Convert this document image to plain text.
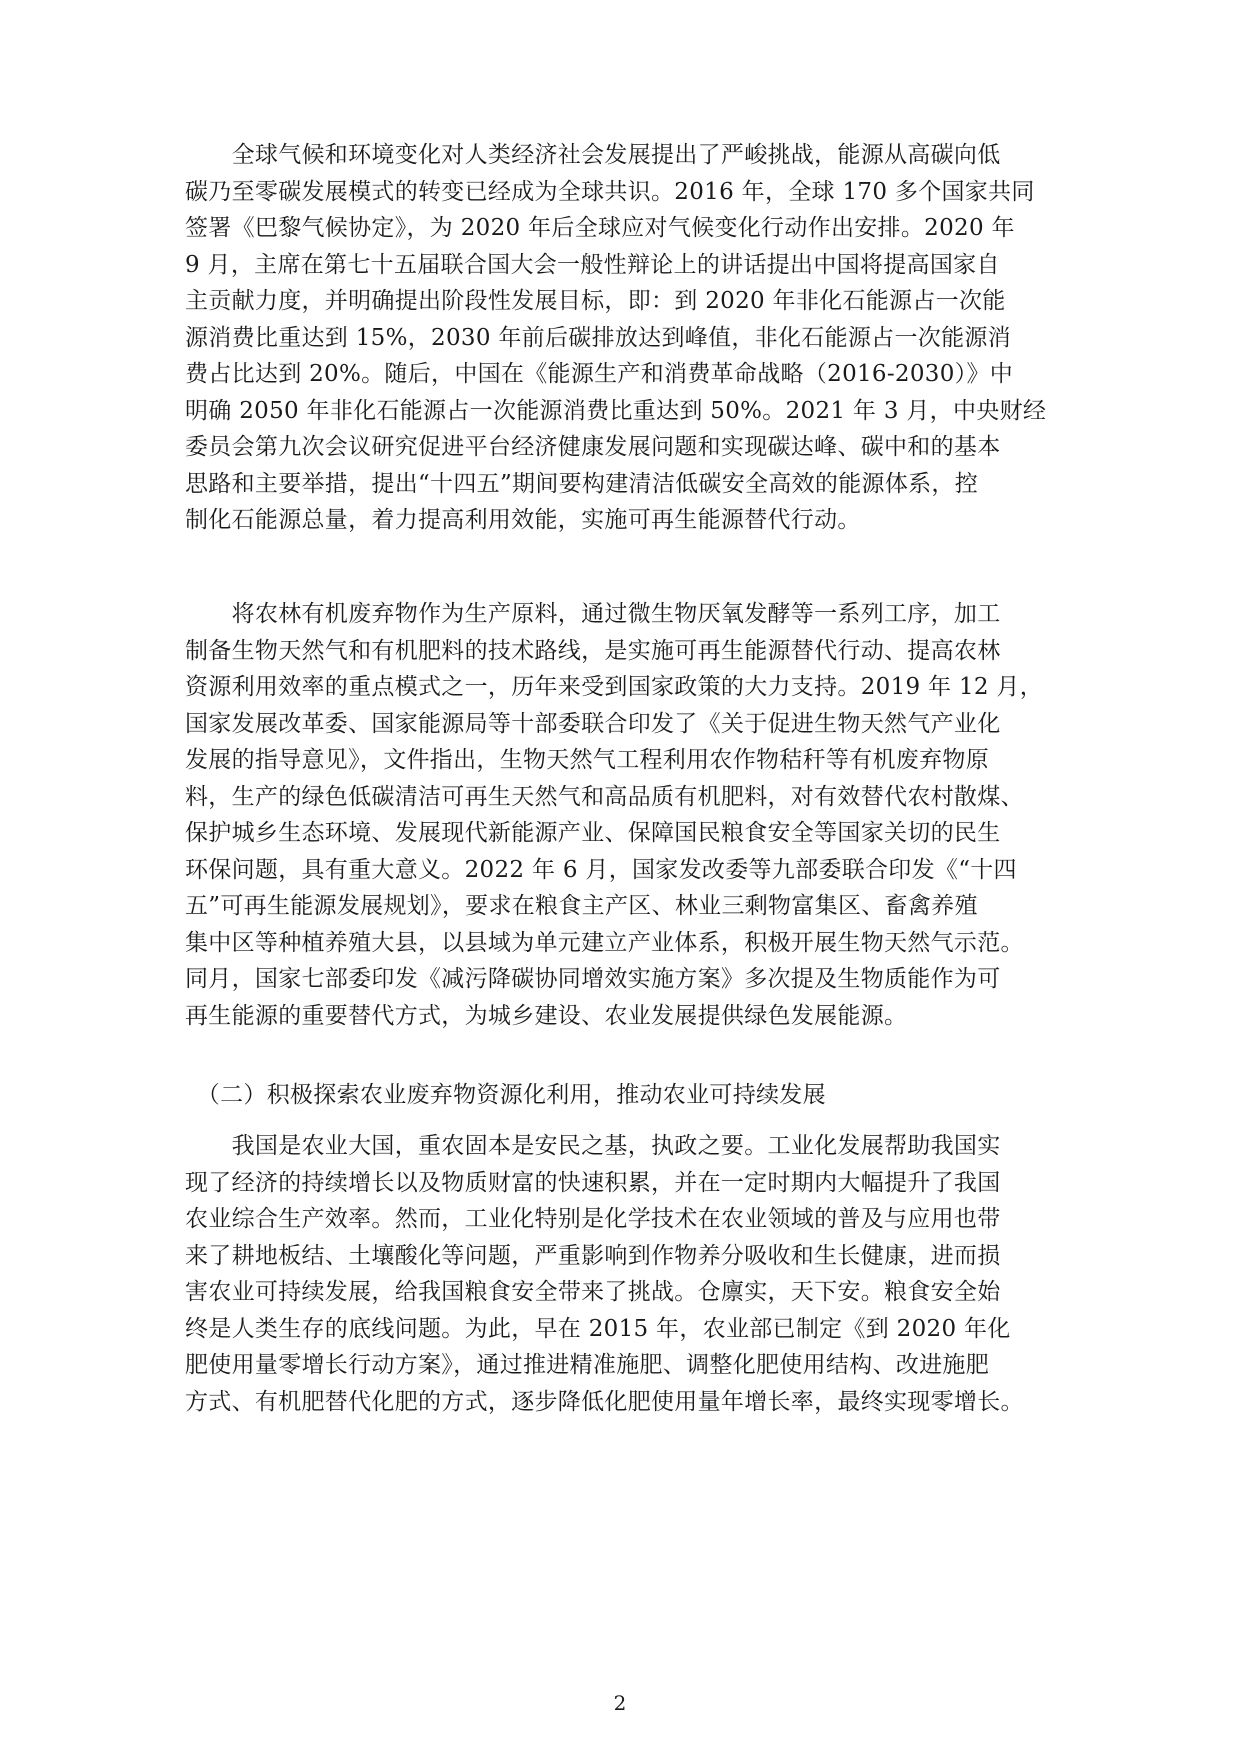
　　全球气候和环境变化对人类经济社会发展提出了严峻挑战，能源从高碳向低
碳乃至零碳发展模式的转变已经成为全球共识。2016 年，全球 170 多个国家共同
签署《巴黎气候协定》，为 2020 年后全球应对气候变化行动作出安排。2020 年
9 月，主席在第七十五届联合国大会一般性辩论上的讲话提出中国将提高国家自
主贡献力度，并明确提出阶段性发展目标，即：到 2020 年非化石能源占一次能
源消费比重达到 15%，2030 年前后碳排放达到峰值，非化石能源占一次能源消
费占比达到 20%。随后，中国在《能源生产和消费革命战略（2016-2030）》中
明确 2050 年非化石能源占一次能源消费比重达到 50%。2021 年 3 月，中央财经
委员会第九次会议研究促进平台经济健康发展问题和实现碳达峰、碳中和的基本
思路和主要举措，提出“十四五”期间要构建清洁低碳安全高效的能源体系，控
制化石能源总量，着力提高利用效能，实施可再生能源替代行动。
　　将农林有机废弃物作为生产原料，通过微生物厌氧发酵等一系列工序，加工
制备生物天然气和有机肥料的技术路线，是实施可再生能源替代行动、提高农林
资源利用效率的重点模式之一，历年来受到国家政策的大力支持。2019 年 12 月，
国家发展改革委、国家能源局等十部委联合印发了《关于促进生物天然气产业化
发展的指导意见》，文件指出，生物天然气工程利用农作物秸秆等有机废弃物原
料，生产的绿色低碳清洁可再生天然气和高品质有机肥料，对有效替代农村散煤、
保护城乡生态环境、发展现代新能源产业、保障国民粮食安全等国家关切的民生
环保问题，具有重大意义。2022 年 6 月，国家发改委等九部委联合印发《“十四
五”可再生能源发展规划》，要求在粮食主产区、林业三剩物富集区、畜禽养殖
集中区等种植养殖大县，以县域为单元建立产业体系，积极开展生物天然气示范。
同月，国家七部委印发《减污降碳协同增效实施方案》多次提及生物质能作为可
再生能源的重要替代方式，为城乡建设、农业发展提供绿色发展能源。
　（二）积极探索农业废弃物资源化利用，推动农业可持续发展
　　我国是农业大国，重农固本是安民之基，执政之要。工业化发展帮助我国实
现了经济的持续增长以及物质财富的快速积累，并在一定时期内大幅提升了我国
农业综合生产效率。然而，工业化特别是化学技术在农业领域的普及与应用也带
来了耕地板结、土壤酸化等问题，严重影响到作物养分吸收和生长健康，进而损
害农业可持续发展，给我国粮食安全带来了挑战。仓廪实，天下安。粮食安全始
终是人类生存的底线问题。为此，早在 2015 年，农业部已制定《到 2020 年化
肥使用量零增长行动方案》，通过推进精准施肥、调整化肥使用结构、改进施肥
方式、有机肥替代化肥的方式，逐步降低化肥使用量年增长率，最终实现零增长。
2
